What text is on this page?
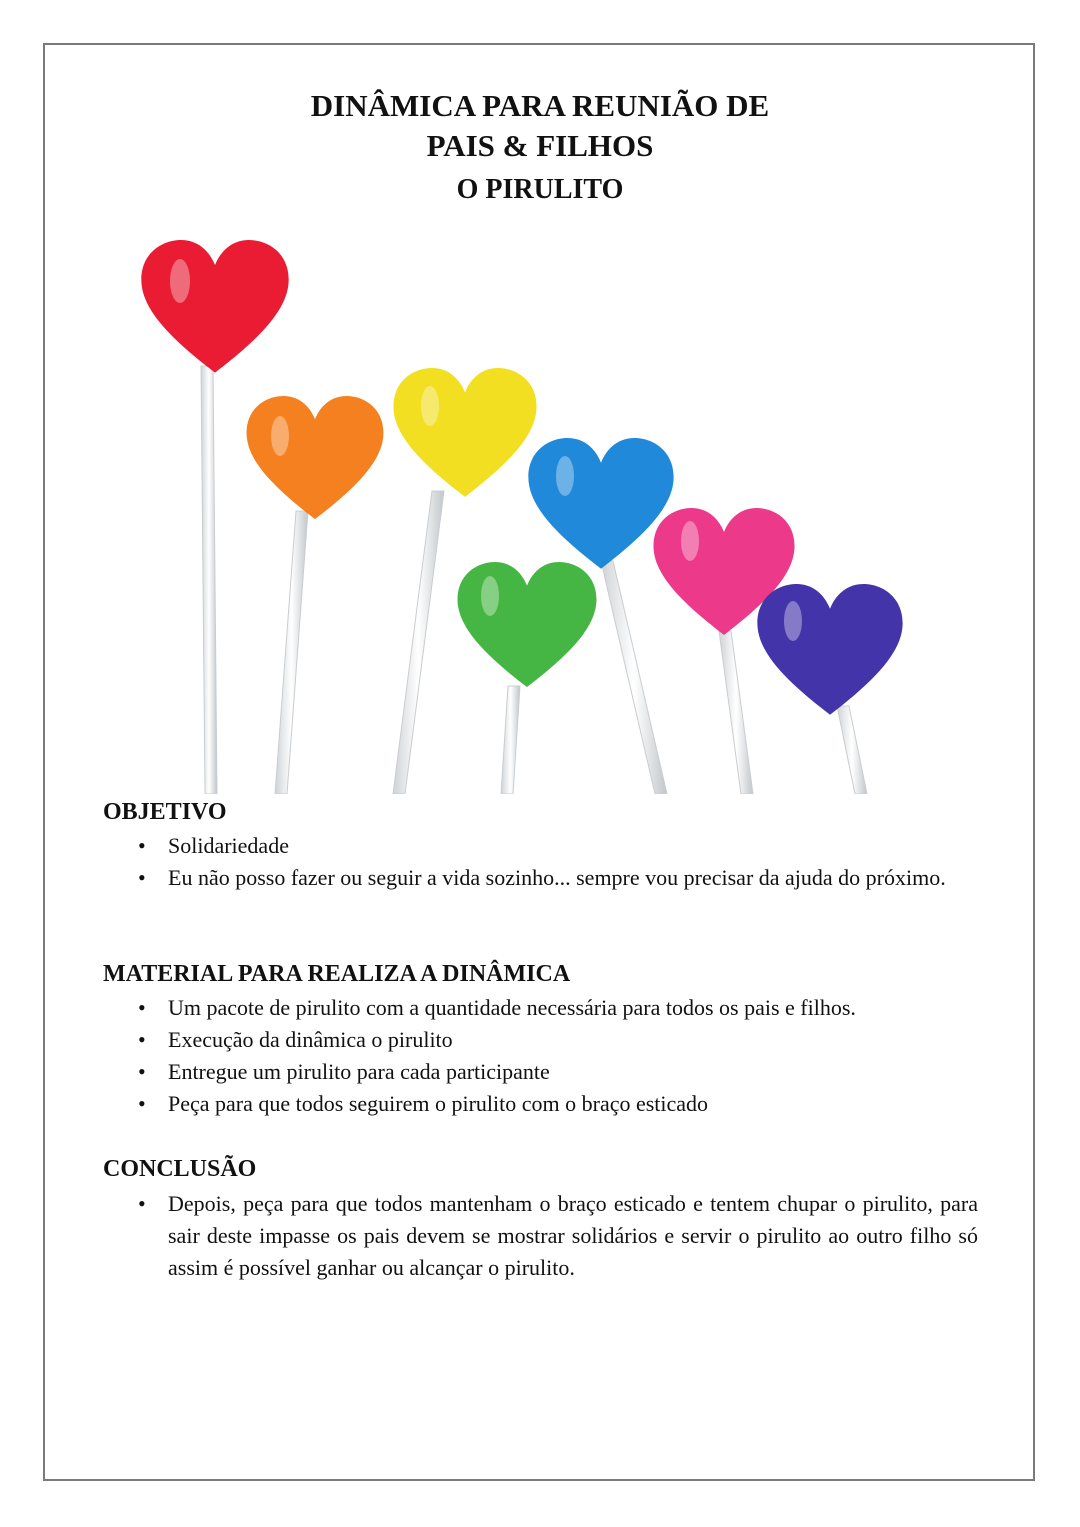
DINÂMICA PARA REUNIÃO DE PAIS & FILHOS
O PIRULITO
OBJETIVO
• Solidariedade
• Eu não posso fazer ou seguir a vida sozinho... sempre vou precisar da ajuda do próximo.
MATERIAL PARA REALIZA A DINÂMICA
• Um pacote de pirulito com a quantidade necessária para todos os pais e filhos.
• Execução da dinâmica o pirulito
• Entregue um pirulito para cada participante
• Peça para que todos seguirem o pirulito com o braço esticado
CONCLUSÃO
• Depois, peça para que todos mantenham o braço esticado e tentem chupar o pirulito, para sair deste impasse os pais devem se mostrar solidários e servir o pirulito ao outro filho só assim é possível ganhar ou alcançar o pirulito.
